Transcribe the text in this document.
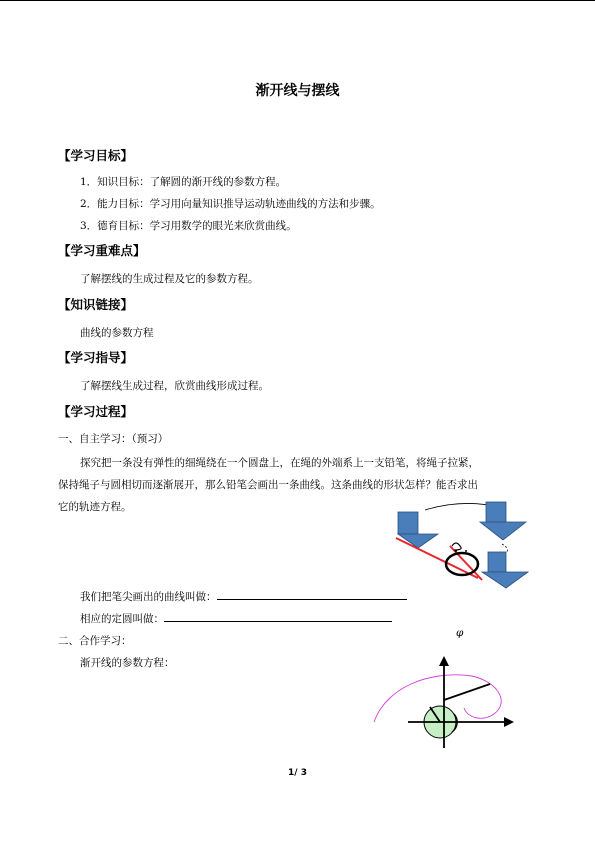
渐开线与摆线
【学习目标】
1．知识目标：了解圆的渐开线的参数方程。
2．能力目标：学习用向量知识推导运动轨迹曲线的方法和步骤。
3．德育目标：学习用数学的眼光来欣赏曲线。
【学习重难点】
了解摆线的生成过程及它的参数方程。
【知识链接】
曲线的参数方程
【学习指导】
了解摆线生成过程，欣赏曲线形成过程。
【学习过程】
一、自主学习：（预习）
探究把一条没有弹性的细绳绕在一个圆盘上，在绳的外端系上一支铅笔，将绳子拉紧，
保持绳子与圆相切而逐渐展开，那么铅笔会画出一条曲线。这条曲线的形状怎样？能否求出
它的轨迹方程。
我们把笔尖画出的曲线叫做：
相应的定圆叫做：
φ
二、合作学习：
渐开线的参数方程：
1/ 3
